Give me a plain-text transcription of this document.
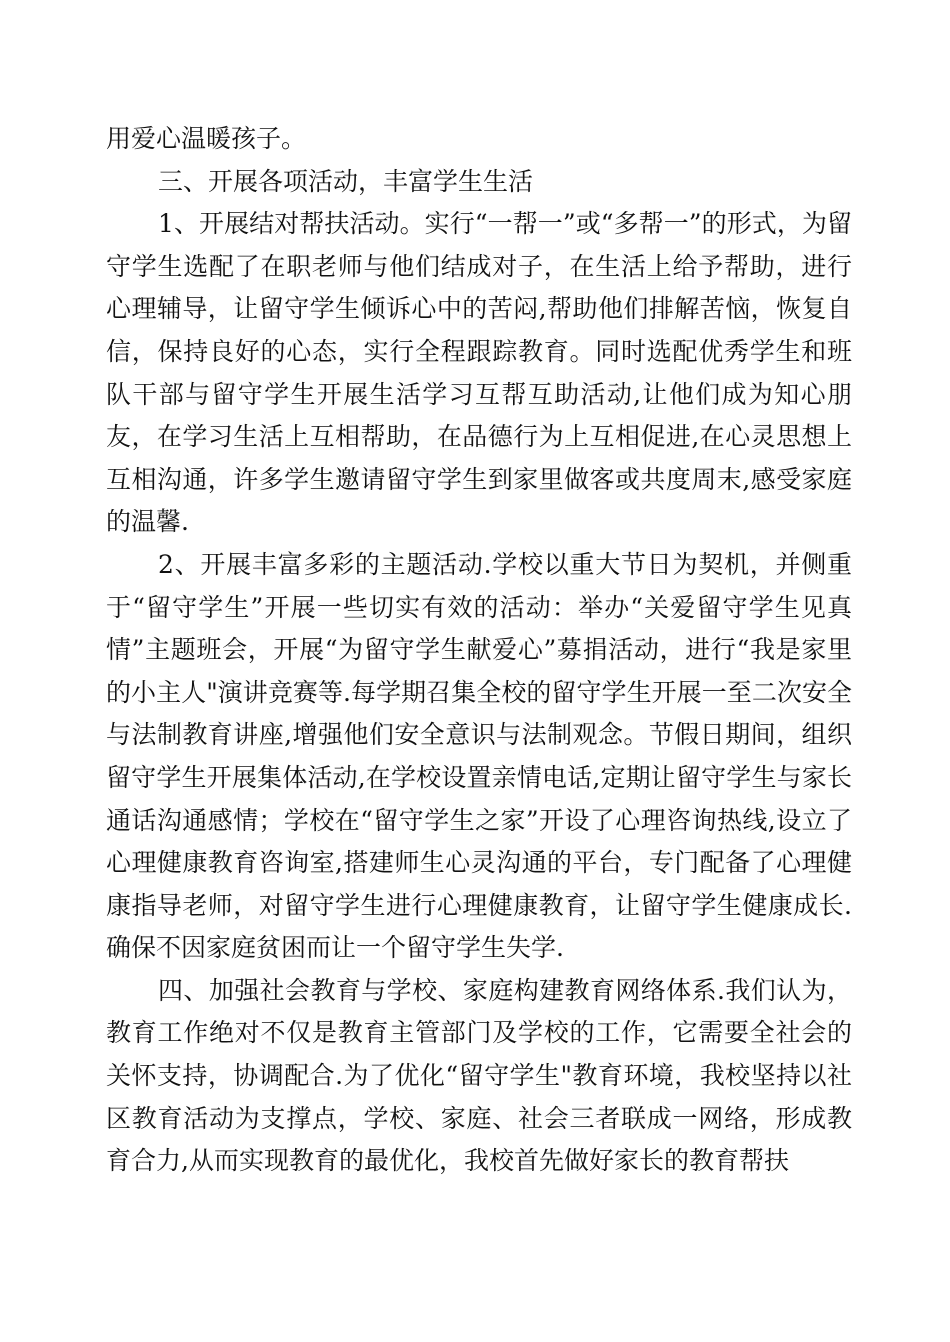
用爱心温暖孩子。

三、开展各项活动，丰富学生生活

1、开展结对帮扶活动。实行“一帮一”或“多帮一”的形式，为留守学生选配了在职老师与他们结成对子，在生活上给予帮助，进行心理辅导，让留守学生倾诉心中的苦闷,帮助他们排解苦恼，恢复自信，保持良好的心态，实行全程跟踪教育。同时选配优秀学生和班队干部与留守学生开展生活学习互帮互助活动,让他们成为知心朋友，在学习生活上互相帮助，在品德行为上互相促进,在心灵思想上互相沟通，许多学生邀请留守学生到家里做客或共度周末,感受家庭的温馨.

2、开展丰富多彩的主题活动.学校以重大节日为契机，并侧重于“留守学生”开展一些切实有效的活动：举办“关爱留守学生见真情”主题班会，开展“为留守学生献爱心”募捐活动，进行“我是家里的小主人"演讲竞赛等.每学期召集全校的留守学生开展一至二次安全与法制教育讲座,增强他们安全意识与法制观念。节假日期间，组织留守学生开展集体活动,在学校设置亲情电话,定期让留守学生与家长通话沟通感情；学校在“留守学生之家”开设了心理咨询热线,设立了心理健康教育咨询室,搭建师生心灵沟通的平台，专门配备了心理健康指导老师，对留守学生进行心理健康教育，让留守学生健康成长.确保不因家庭贫困而让一个留守学生失学.

四、加强社会教育与学校、家庭构建教育网络体系.我们认为，教育工作绝对不仅是教育主管部门及学校的工作，它需要全社会的关怀支持，协调配合.为了优化“留守学生"教育环境，我校坚持以社区教育活动为支撑点，学校、家庭、社会三者联成一网络，形成教育合力,从而实现教育的最优化，我校首先做好家长的教育帮扶
